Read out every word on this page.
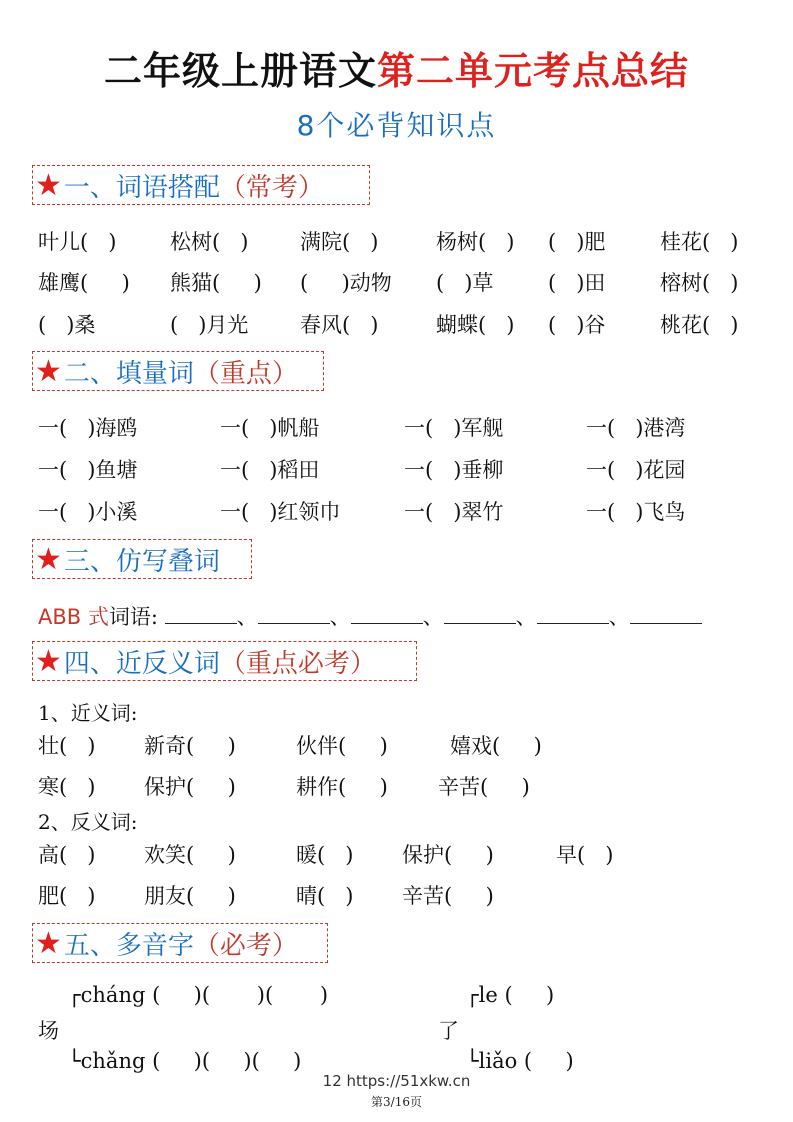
二年级上册语文第二单元考点总结
8个必背知识点
★ 一、词语搭配 （常考）
叶儿(   )	松树(   ) 满院(   )	杨树(   ) (   )肥	桂花(   )
雄鹰(     ) 熊猫(     ) (     )动物 (   )草	(   )田	榕树(   )
(   )桑	(   )月光 春风(   )	蝴蝶(   ) (   )谷	桃花(   )
★ 二、填量词 （重点）
一(   )海鸥	一(   )帆船	一(   )军舰	一(   )港湾
一(   )鱼塘	一(   )稻田	一(   )垂柳	一(   )花园
一(   )小溪	一(   )红领巾	一(   )翠竹	一(   )飞鸟
★ 三、仿写叠词
ABB 式词语:	、	、	、	、	、
★ 四、近反义词 （重点必考）
1、近义词:
壮(   ) 新奇(     )	伙伴(     )	嬉戏(     )
寒(   ) 保护(     )	耕作(     ) 辛苦(     )
2、反义词:
高(   ) 欢笑(     )	暖(   ) 保护(     )	早(   )
肥(   ) 朋友(     )	晴(   ) 辛苦(     )
★ 五、多音字 （必考）
场
┌cháng (     )(       )(       )
└chǎng (     )(     )(     )
了
┌le (     )
└liǎo (     )
12 https://51xkw.cn
第3/16页
